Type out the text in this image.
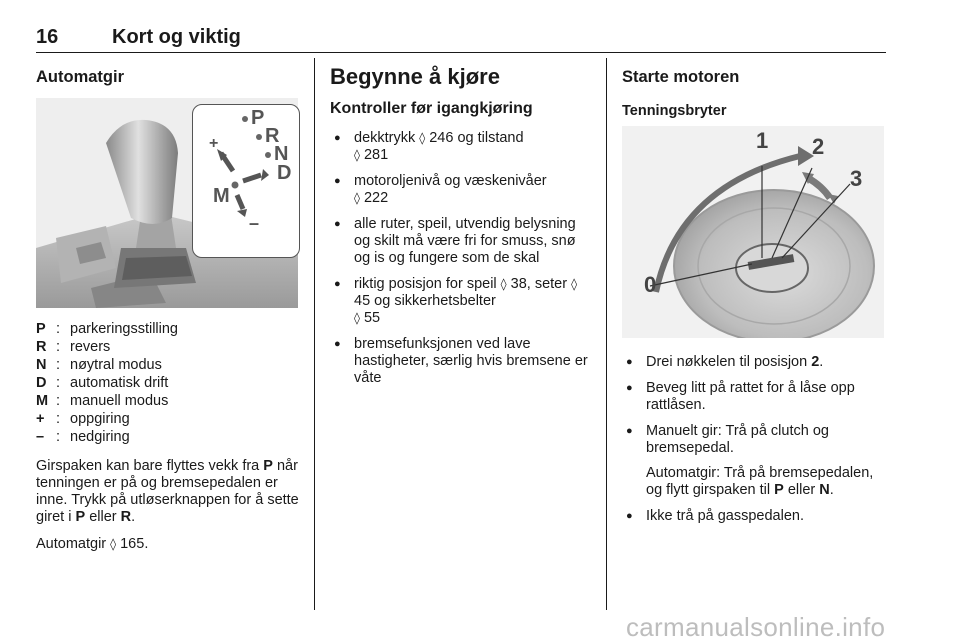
16	Kort og viktig
Automatgir
P
R
N
D
M
+
–
P : parkeringsstilling
R : revers
N : nøytral modus
D : automatisk drift
M : manuell modus
+ : oppgiring
– : nedgiring

Girspaken kan bare flyttes vekk fra P når tenningen er på og bremsepedalen er inne. Trykk på utløserknappen for å sette giret i P eller R.

Automatgir ◊ 165.

Begynne å kjøre
Kontroller før igangkjøring
● dekktrykk ◊ 246 og tilstand
◊ 281
● motoroljenivå og væskenivåer
◊ 222
● alle ruter, speil, utvendig belysning og skilt må være fri for smuss, snø og is og fungere som de skal
● riktig posisjon for speil ◊ 38, seter ◊ 45 og sikkerhetsbelter
◊ 55
● bremsefunksjonen ved lave hastigheter, særlig hvis bremsene er våte
Starte motoren
Tenningsbryter
0
1 2
3
● Drei nøkkelen til posisjon 2.
● Beveg litt på rattet for å låse opp rattlåsen.
● Manuelt gir: Trå på clutch og bremsepedal.
Automatgir: Trå på bremsepedalen, og flytt girspaken til P eller N.
● Ikke trå på gasspedalen.
carmanualsonline.info
